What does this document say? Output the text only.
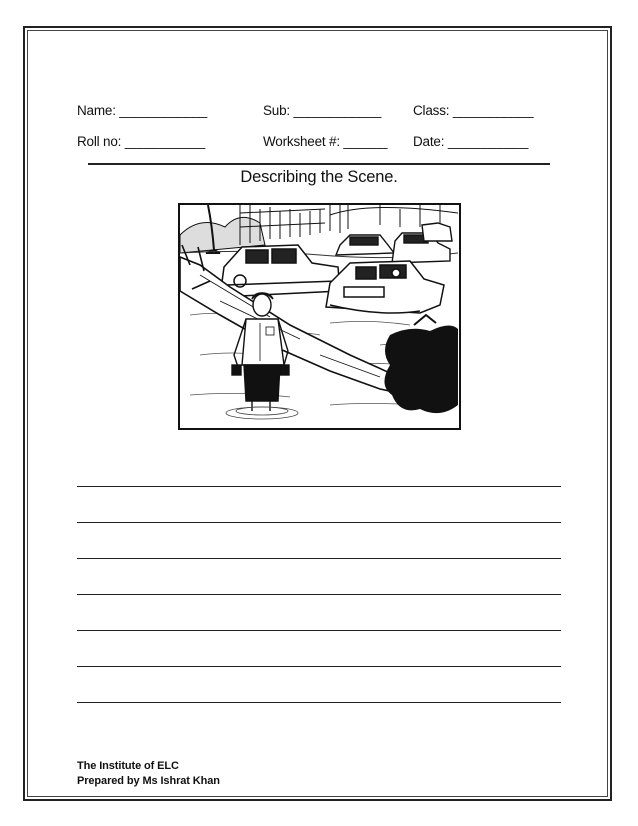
Name: ____________	Sub: ____________ Class: ___________
Roll no: ___________	Worksheet #: ______ Date: ___________
Describing the Scene.
The Institute of ELC
Prepared by Ms Ishrat Khan
